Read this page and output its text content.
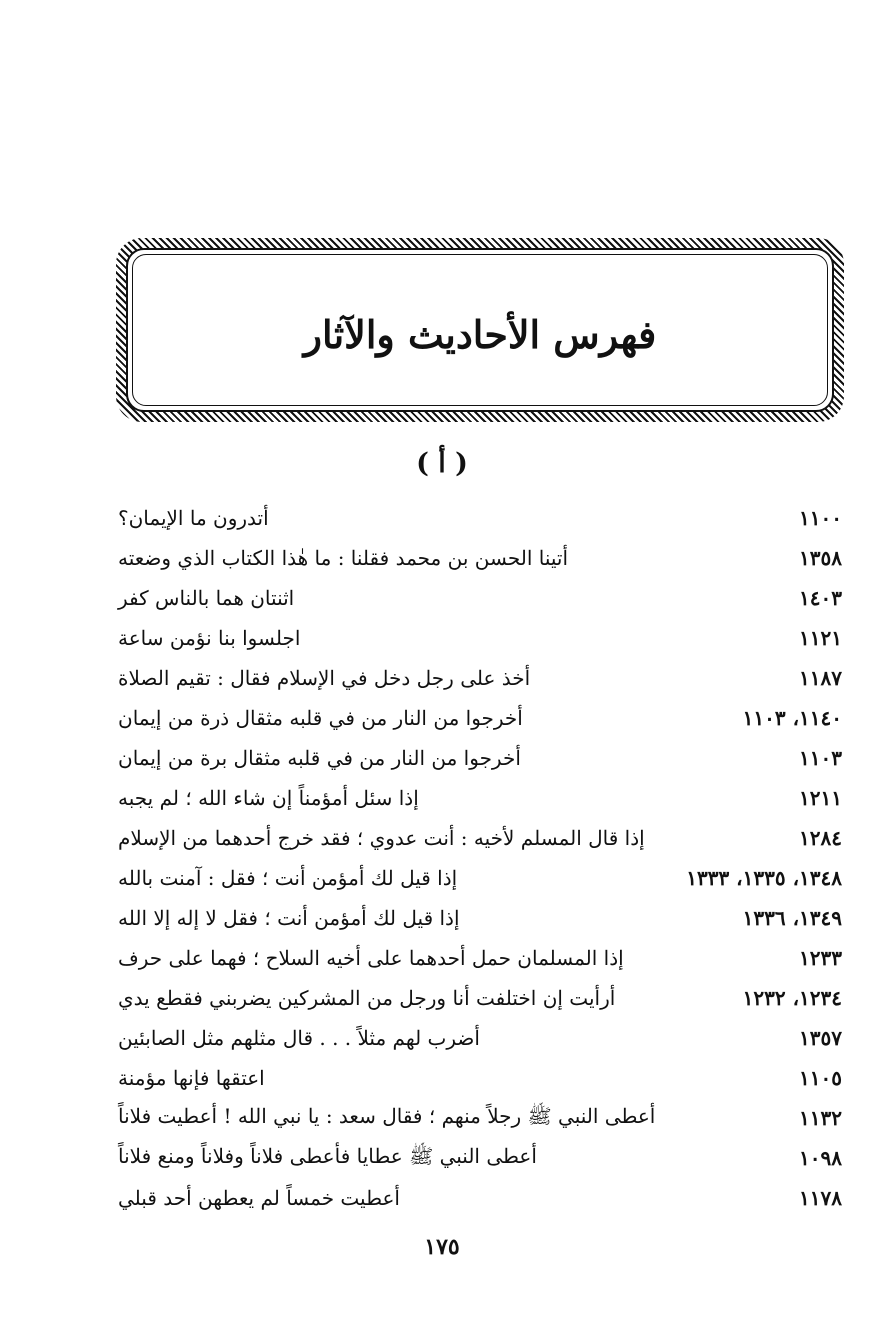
فهرس الأحاديث والآثار
( أ )
أتدرون ما الإيمان؟	١١٠٠
أتينا الحسن بن محمد فقلنا : ما هٰذا الكتاب الذي وضعته	١٣٥٨
اثنتان هما بالناس كفر	١٤٠٣
اجلسوا بنا نؤمن ساعة	١١٢١
أخذ على رجل دخل في الإسلام فقال : تقيم الصلاة	١١٨٧
أخرجوا من النار من في قلبه مثقال ذرة من إيمان	١١٤٠، ١١٠٣
أخرجوا من النار من في قلبه مثقال برة من إيمان	١١٠٣
إذا سئل أمؤمناً إن شاء الله ؛ لم يجبه	١٢١١
إذا قال المسلم لأخيه : أنت عدوي ؛ فقد خرج أحدهما من الإسلام	١٢٨٤
إذا قيل لك أمؤمن أنت ؛ فقل : آمنت بالله	١٣٤٨، ١٣٣٥، ١٣٣٣
إذا قيل لك أمؤمن أنت ؛ فقل لا إله إلا الله	١٣٤٩، ١٣٣٦
إذا المسلمان حمل أحدهما على أخيه السلاح ؛ فهما على حرف	١٢٣٣
أرأيت إن اختلفت أنا ورجل من المشركين يضربني فقطع يدي	١٢٣٤، ١٢٣٢
أضرب لهم مثلاً . . . قال مثلهم مثل الصابئين	١٣٥٧
اعتقها فإنها مؤمنة	١١٠٥
أعطى النبي ﷺ رجلاً منهم ؛ فقال سعد : يا نبي الله ! أعطيت فلاناً	١١٣٢
أعطى النبي ﷺ عطايا فأعطى فلاناً وفلاناً ومنع فلاناً	١٠٩٨
أعطيت خمساً لم يعطهن أحد قبلي	١١٧٨
١٧٥
